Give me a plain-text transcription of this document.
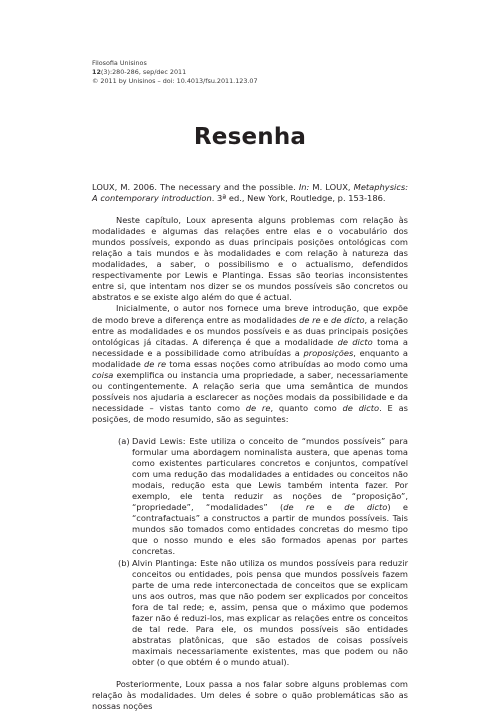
Filosofia Unisinos
12(3):280-286, sep/dec 2011
© 2011 by Unisinos – doi: 10.4013/fsu.2011.123.07
Resenha

LOUX, M. 2006. The necessary and the possible. In: M. LOUX, Metaphysics: A contemporary introduction. 3ª ed., New York, Routledge, p. 153-186.

Neste capítulo, Loux apresenta alguns problemas com relação às modalidades e algumas das relações entre elas e o vocabulário dos mundos possíveis, expondo as duas principais posições ontológicas com relação a tais mundos e às modalidades e com relação à natureza das modalidades, a saber, o possibilismo e o actualismo, defendidos respectivamente por Lewis e Plantinga. Essas são teorias inconsistentes entre si, que intentam nos dizer se os mundos possíveis são concretos ou abstratos e se existe algo além do que é actual.

Inicialmente, o autor nos fornece uma breve introdução, que expõe de modo breve a diferença entre as modalidades de re e de dicto, a relação entre as modalidades e os mundos possíveis e as duas principais posições ontológicas já citadas. A diferença é que a modalidade de dicto toma a necessidade e a possibilidade como atribuídas a proposições, enquanto a modalidade de re toma essas noções como atribuídas ao modo como uma coisa exemplifica ou instancia uma propriedade, a saber, necessariamente ou contingentemente. A relação seria que uma semântica de mundos possíveis nos ajudaria a esclarecer as noções modais da possibilidade e da necessidade – vistas tanto como de re, quanto como de dicto. E as posições, de modo resumido, são as seguintes:

(a) David Lewis: Este utiliza o conceito de “mundos possíveis” para formular uma abordagem nominalista austera, que apenas toma como existentes particulares concretos e conjuntos, compatível com uma redução das modalidades a entidades ou conceitos não modais, redução esta que Lewis também intenta fazer. Por exemplo, ele tenta reduzir as noções de “proposição”, “propriedade”, “modalidades” (de re e de dicto) e “contrafactuais” a constructos a partir de mundos possíveis. Tais mundos são tomados como entidades concretas do mesmo tipo que o nosso mundo e eles são formados apenas por partes concretas.
(b) Alvin Plantinga: Este não utiliza os mundos possíveis para reduzir conceitos ou entidades, pois pensa que mundos possíveis fazem parte de uma rede interconectada de conceitos que se explicam uns aos outros, mas que não podem ser explicados por conceitos fora de tal rede; e, assim, pensa que o máximo que podemos fazer não é reduzi-los, mas explicar as relações entre os conceitos de tal rede. Para ele, os mundos possíveis são entidades abstratas platônicas, que são estados de coisas possíveis maximais necessariamente existentes, mas que podem ou não obter (o que obtém é o mundo atual).

Posteriormente, Loux passa a nos falar sobre alguns problemas com relação às modalidades. Um deles é sobre o quão problemáticas são as nossas noções
